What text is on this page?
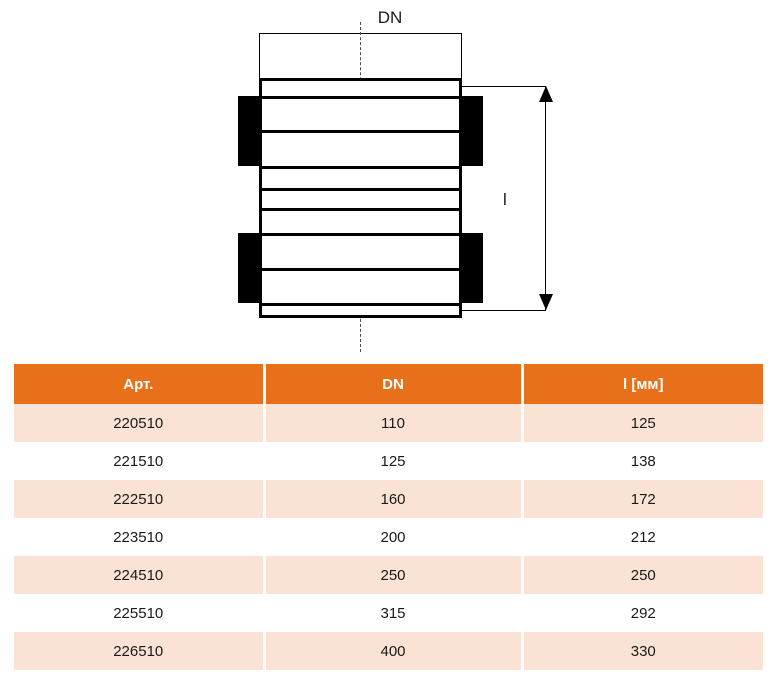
DN
l
Арт.	DN	l [мм]
220510	110	125
221510	125	138
222510	160	172
223510	200	212
224510	250	250
225510	315	292
226510	400	330
